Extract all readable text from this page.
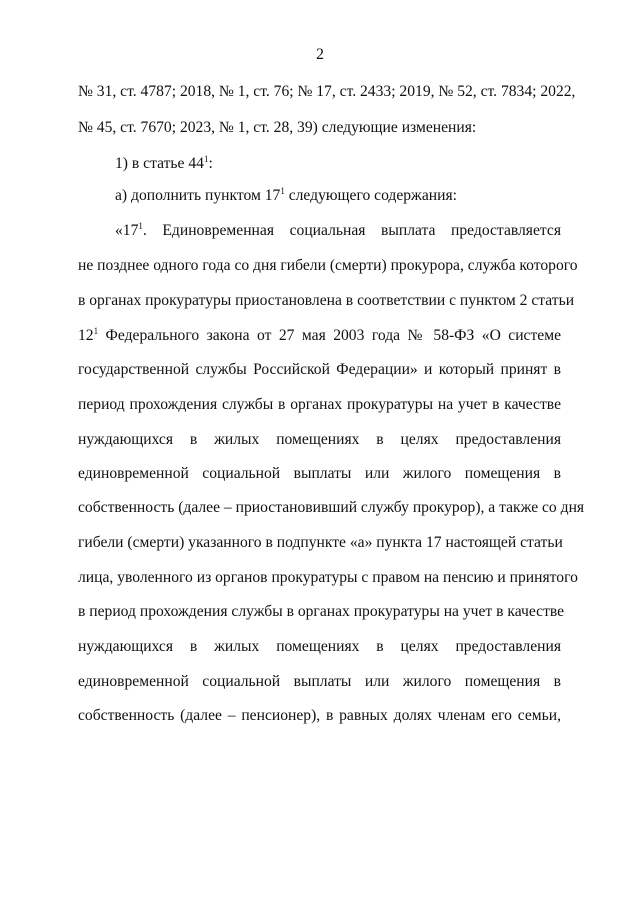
2
№ 31, ст. 4787; 2018, № 1, ст. 76; № 17, ст. 2433; 2019, № 52, ст. 7834; 2022,
№ 45, ст. 7670; 2023, № 1, ст. 28, 39) следующие изменения:
1) в статье $44^1$:
а) дополнить пунктом $17^1$ следующего содержания:
«$17^1$. Единовременная социальная выплата предоставляется
не позднее одного года со дня гибели (смерти) прокурора, служба которого
в органах прокуратуры приостановлена в соответствии с пунктом 2 статьи
$12^1$ Федерального закона от 27 мая 2003 года № 58-ФЗ «О системе
государственной службы Российской Федерации» и который принят в
период прохождения службы в органах прокуратуры на учет в качестве
нуждающихся в жилых помещениях в целях предоставления
единовременной социальной выплаты или жилого помещения в
собственность (далее – приостановивший службу прокурор), а также со дня
гибели (смерти) указанного в подпункте «а» пункта 17 настоящей статьи
лица, уволенного из органов прокуратуры с правом на пенсию и принятого
в период прохождения службы в органах прокуратуры на учет в качестве
нуждающихся в жилых помещениях в целях предоставления
единовременной социальной выплаты или жилого помещения в
собственность (далее – пенсионер), в равных долях членам его семьи,
